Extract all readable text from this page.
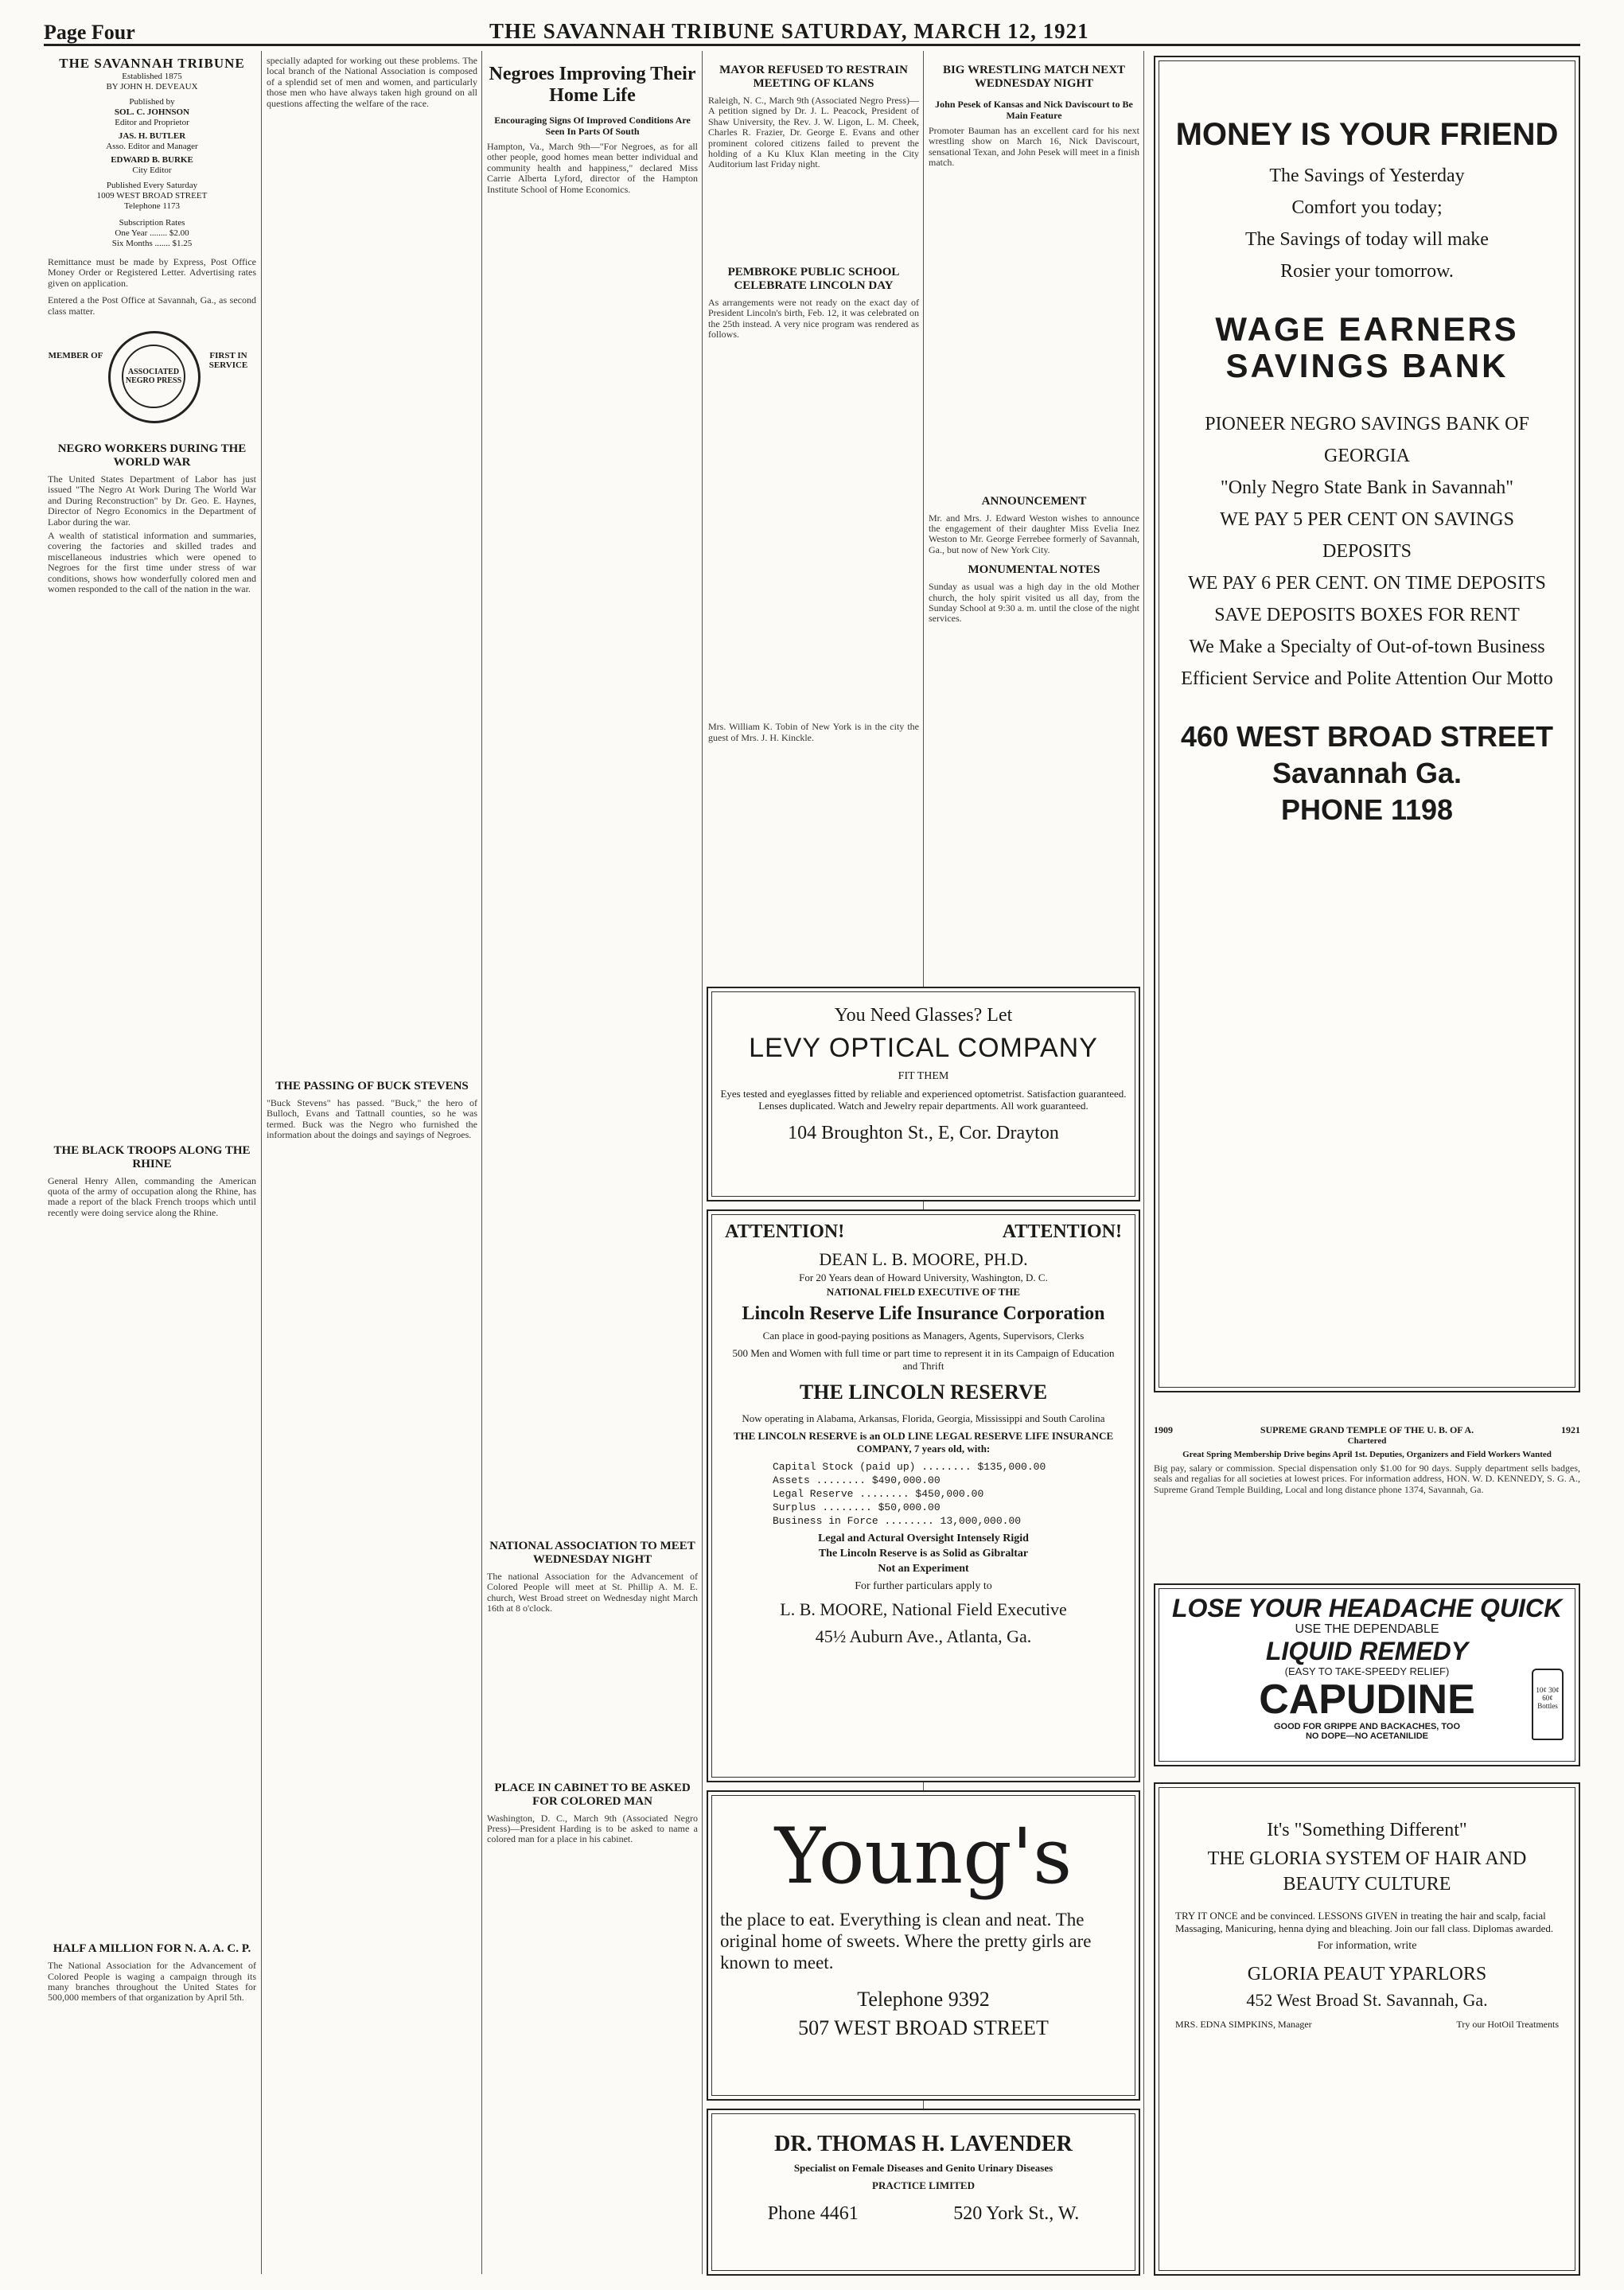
Page Four	THE SAVANNAH TRIBUNE SATURDAY, MARCH 12, 1921
THE SAVANNAH TRIBUNE
Established 1875
BY JOHN H. DEVEAUX
Published by
SOL. C. JOHNSON
Editor and Proprietor
JAS. H. BUTLER
Asso. Editor and Manager
EDWARD B. BURKE
City Editor
Published Every Saturday
1009 WEST BROAD STREET
Telephone 1173
Subscription Rates
One Year ........ $2.00
Six Months ....... $1.25

Remittance must be made by Express, Post Office Money Order or Registered Letter. Advertising rates given on application.

Entered a the Post Office at Savannah, Ga., as second class matter.

MEMBER OF
ASSOCIATED NEGRO PRESS
FIRST IN SERVICE
NEGRO WORKERS DURING THE WORLD WAR

The United States Department of Labor has just issued "The Negro At Work During The World War and During Reconstruction" by Dr. Geo. E. Haynes, Director of Negro Economics in the Department of Labor during the war.

A wealth of statistical information and summaries, covering the factories and skilled trades and miscellaneous industries which were opened to Negroes for the first time under stress of war conditions, shows how wonderfully colored men and women responded to the call of the nation in the war.

THE BLACK TROOPS ALONG THE RHINE

General Henry Allen, commanding the American quota of the army of occupation along the Rhine, has made a report of the black French troops which until recently were doing service along the Rhine.

HALF A MILLION FOR N. A. A. C. P.

The National Association for the Advancement of Colored People is waging a campaign through its many branches throughout the United States for 500,000 members of that organization by April 5th.

specially adapted for working out these problems. The local branch of the National Association is composed of a splendid set of men and women, and particularly those men who have always taken high ground on all questions affecting the welfare of the race.

THE PASSING OF BUCK STEVENS

"Buck Stevens" has passed. "Buck," the hero of Bulloch, Evans and Tattnall counties, so he was termed. Buck was the Negro who furnished the information about the doings and sayings of Negroes.

Negroes Improving Their Home Life
Encouraging Signs Of Improved Conditions Are Seen In Parts Of South

Hampton, Va., March 9th—"For Negroes, as for all other people, good homes mean better individual and community health and happiness," declared Miss Carrie Alberta Lyford, director of the Hampton Institute School of Home Economics.

NATIONAL ASSOCIATION TO MEET WEDNESDAY NIGHT

The national Association for the Advancement of Colored People will meet at St. Phillip A. M. E. church, West Broad street on Wednesday night March 16th at 8 o'clock.

PLACE IN CABINET TO BE ASKED FOR COLORED MAN

Washington, D. C., March 9th (Associated Negro Press)—President Harding is to be asked to name a colored man for a place in his cabinet.

MAYOR REFUSED TO RESTRAIN MEETING OF KLANS

Raleigh, N. C., March 9th (Associated Negro Press)—A petition signed by Dr. J. L. Peacock, President of Shaw University, the Rev. J. W. Ligon, L. M. Cheek, Charles R. Frazier, Dr. George E. Evans and other prominent colored citizens failed to prevent the holding of a Ku Klux Klan meeting in the City Auditorium last Friday night.

PEMBROKE PUBLIC SCHOOL CELEBRATE LINCOLN DAY

As arrangements were not ready on the exact day of President Lincoln's birth, Feb. 12, it was celebrated on the 25th instead. A very nice program was rendered as follows.

Mrs. William K. Tobin of New York is in the city the guest of Mrs. J. H. Kinckle.

BIG WRESTLING MATCH NEXT WEDNESDAY NIGHT
John Pesek of Kansas and Nick Daviscourt to Be Main Feature

Promoter Bauman has an excellent card for his next wrestling show on March 16, Nick Daviscourt, sensational Texan, and John Pesek will meet in a finish match.

ANNOUNCEMENT

Mr. and Mrs. J. Edward Weston wishes to announce the engagement of their daughter Miss Evelia Inez Weston to Mr. George Ferrebee formerly of Savannah, Ga., but now of New York City.

MONUMENTAL NOTES

Sunday as usual was a high day in the old Mother church, the holy spirit visited us all day, from the Sunday School at 9:30 a. m. until the close of the night services.

You Need Glasses? Let

LEVY OPTICAL COMPANY

FIT THEM

Eyes tested and eyeglasses fitted by reliable and experienced optometrist. Satisfaction guaranteed. Lenses duplicated. Watch and Jewelry repair departments. All work guaranteed.

104 Broughton St., E, Cor. Drayton

ATTENTION!	ATTENTION!

DEAN L. B. MOORE, PH.D.

For 20 Years dean of Howard University, Washington, D. C.

NATIONAL FIELD EXECUTIVE OF THE

Lincoln Reserve Life Insurance Corporation

Can place in good-paying positions as Managers, Agents, Supervisors, Clerks

500 Men and Women with full time or part time to represent it in its Campaign of Education and Thrift

THE LINCOLN RESERVE

Now operating in Alabama, Arkansas, Florida, Georgia, Mississippi and South Carolina

THE LINCOLN RESERVE is an OLD LINE LEGAL RESERVE LIFE INSURANCE COMPANY, 7 years old, with:

Capital Stock (paid up) ........ $135,000.00
Assets ........ $490,000.00
Legal Reserve ........ $450,000.00
Surplus ........ $50,000.00
Business in Force ........ 13,000,000.00

Legal and Actural Oversight Intensely Rigid

The Lincoln Reserve is as Solid as Gibraltar

Not an Experiment

For further particulars apply to

L. B. MOORE, National Field Executive

45½ Auburn Ave., Atlanta, Ga.

Young's

the place to eat. Everything is clean and neat. The original home of sweets. Where the pretty girls are known to meet.

Telephone 9392

507 WEST BROAD STREET

DR. THOMAS H. LAVENDER

Specialist on Female Diseases and Genito Urinary Diseases

PRACTICE LIMITED

Phone 4461	520 York St., W.
MONEY IS YOUR FRIEND
The Savings of Yesterday
Comfort you today;
The Savings of today will make
Rosier your tomorrow.
WAGE EARNERS SAVINGS BANK
PIONEER NEGRO SAVINGS BANK OF GEORGIA
"Only Negro State Bank in Savannah"
WE PAY 5 PER CENT ON SAVINGS DEPOSITS
WE PAY 6 PER CENT. ON TIME DEPOSITS
SAVE DEPOSITS BOXES FOR RENT
We Make a Specialty of Out-of-town Business
Efficient Service and Polite Attention Our Motto
460 WEST BROAD STREET
Savannah Ga.
PHONE 1198
1909	SUPREME GRAND TEMPLE OF THE U. B. OF A.	1921
Chartered

Great Spring Membership Drive begins April 1st. Deputies, Organizers and Field Workers Wanted

Big pay, salary or commission. Special dispensation only $1.00 for 90 days. Supply department sells badges, seals and regalias for all societies at lowest prices. For information address, HON. W. D. KENNEDY, S. G. A., Supreme Grand Temple Building, Local and long distance phone 1374, Savannah, Ga.

LOSE YOUR HEADACHE QUICK
USE THE DEPENDABLE
LIQUID REMEDY
(EASY TO TAKE-SPEEDY RELIEF)
CAPUDINE
GOOD FOR GRIPPE AND BACKACHES, TOO
NO DOPE—NO ACETANILIDE
10¢ 30¢ 60¢ Bottles

It's "Something Different"

THE GLORIA SYSTEM OF HAIR AND BEAUTY CULTURE

TRY IT ONCE and be convinced. LESSONS GIVEN in treating the hair and scalp, facial Massaging, Manicuring, henna dying and bleaching. Join our fall class. Diplomas awarded.

For information, write

GLORIA PEAUT YPARLORS

452 West Broad St. Savannah, Ga.

MRS. EDNA SIMPKINS, Manager	Try our HotOil Treatments
